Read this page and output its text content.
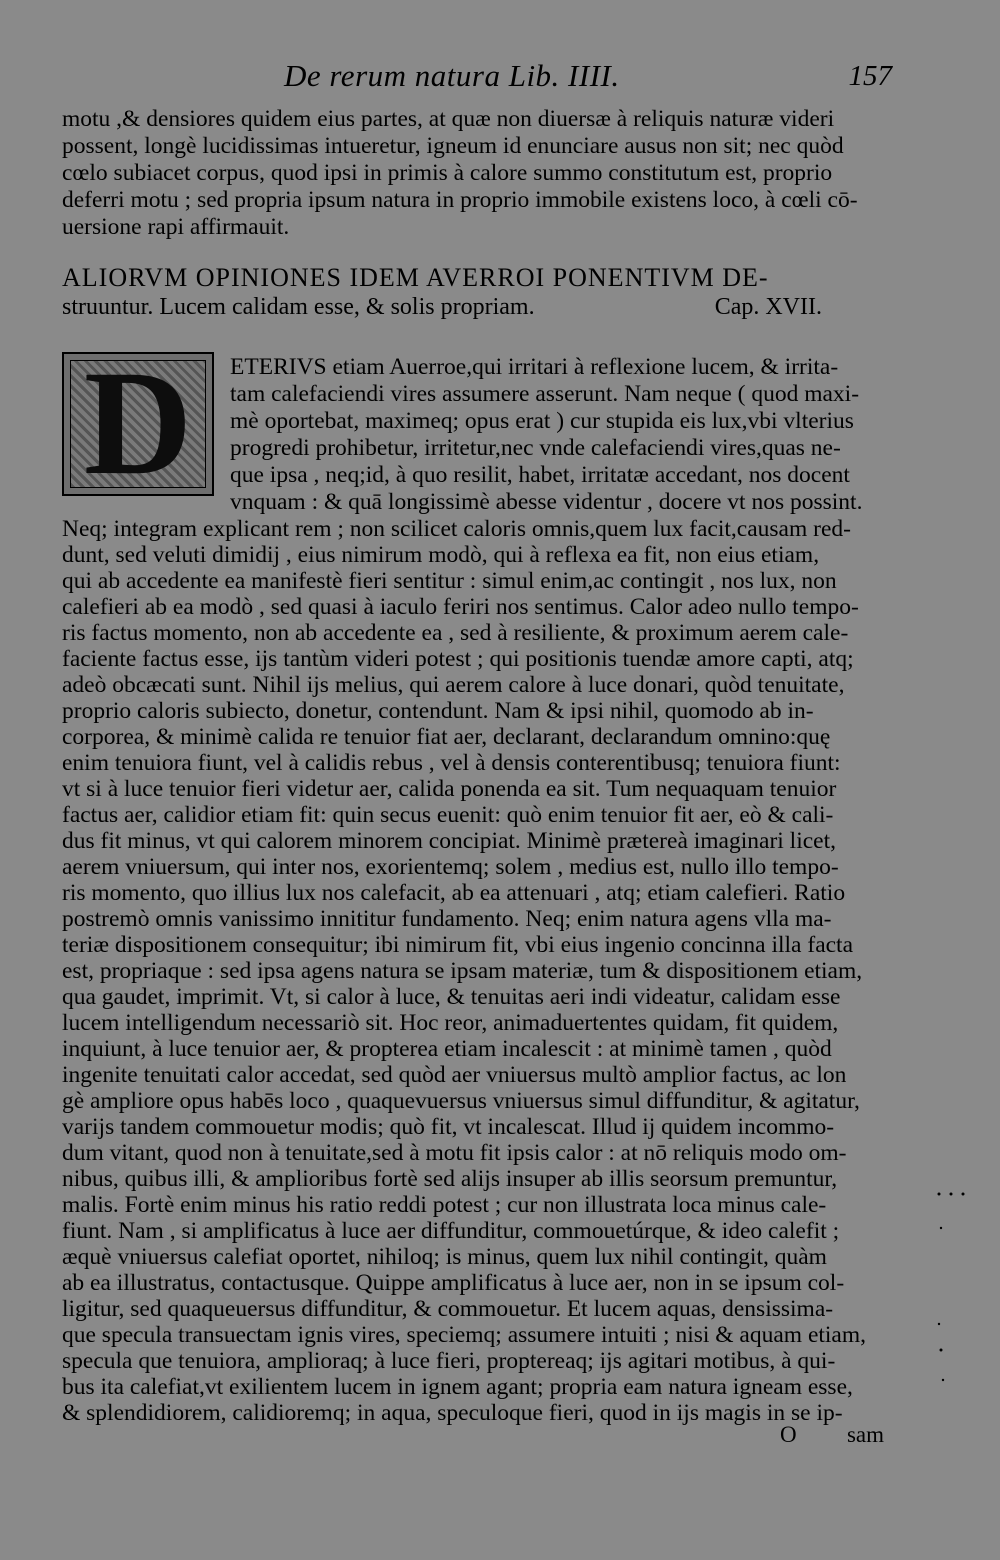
De rerum natura Lib. IIII.	157
motu ,& densiores quidem eius partes, at quæ non diuersæ à reliquis naturæ videri
possent, longè lucidissimas intueretur, igneum id enunciare ausus non sit; nec quòd
cœlo subiacet corpus, quod ipsi in primis à calore summo constitutum est, proprio
deferri motu ; sed propria ipsum natura in proprio immobile existens loco, à cœli cō-
uersione rapi affirmauit.
ALIORVM OPINIONES IDEM AVERROI PONENTIVM DE-
struuntur. Lucem calidam esse, & solis propriam.	Cap. XVII.
D	ETERIVS etiam Auerroe,qui irritari à reflexione lucem, & irrita-
tam calefaciendi vires assumere asserunt. Nam neque ( quod maxi-
mè oportebat, maximeq; opus erat ) cur stupida eis lux,vbi vlterius
progredi prohibetur, irritetur,nec vnde calefaciendi vires,quas ne-
que ipsa , neq;id, à quo resilit, habet, irritatæ accedant, nos docent
vnquam : & quā longissimè abesse videntur , docere vt nos possint.
Neq; integram explicant rem ; non scilicet caloris omnis,quem lux facit,causam red-
dunt, sed veluti dimidij , eius nimirum modò, qui à reflexa ea fit, non eius etiam,
qui ab accedente ea manifestè fieri sentitur : simul enim,ac contingit , nos lux, non
calefieri ab ea modò , sed quasi à iaculo feriri nos sentimus. Calor adeo nullo tempo-
ris factus momento, non ab accedente ea , sed à resiliente, & proximum aerem cale-
faciente factus esse, ijs tantùm videri potest ; qui positionis tuendæ amore capti, atq;
adeò obcæcati sunt. Nihil ijs melius, qui aerem calore à luce donari, quòd tenuitate,
proprio caloris subiecto, donetur, contendunt. Nam & ipsi nihil, quomodo ab in-
corporea, & minimè calida re tenuior fiat aer, declarant, declarandum omnino:quę
enim tenuiora fiunt, vel à calidis rebus , vel à densis conterentibusq; tenuiora fiunt:
vt si à luce tenuior fieri videtur aer, calida ponenda ea sit. Tum nequaquam tenuior
factus aer, calidior etiam fit: quin secus euenit: quò enim tenuior fit aer, eò & cali-
dus fit minus, vt qui calorem minorem concipiat. Minimè prætereà imaginari licet,
aerem vniuersum, qui inter nos, exorientemq; solem , medius est, nullo illo tempo-
ris momento, quo illius lux nos calefacit, ab ea attenuari , atq; etiam calefieri. Ratio
postremò omnis vanissimo innititur fundamento. Neq; enim natura agens vlla ma-
teriæ dispositionem consequitur; ibi nimirum fit, vbi eius ingenio concinna illa facta
est, propriaque : sed ipsa agens natura se ipsam materiæ, tum & dispositionem etiam,
qua gaudet, imprimit. Vt, si calor à luce, & tenuitas aeri indi videatur, calidam esse
lucem intelligendum necessariò sit. Hoc reor, animaduertentes quidam, fit quidem,
inquiunt, à luce tenuior aer, & propterea etiam incalescit : at minimè tamen , quòd
ingenite tenuitati calor accedat, sed quòd aer vniuersus multò amplior factus, ac lon
gè ampliore opus habēs loco , quaquevuersus vniuersus simul diffunditur, & agitatur,
varijs tandem commouetur modis; quò fit, vt incalescat. Illud ij quidem incommo-
dum vitant, quod non à tenuitate,sed à motu fit ipsis calor : at nō reliquis modo om-
nibus, quibus illi, & amplioribus fortè sed alijs insuper ab illis seorsum premuntur,
malis. Fortè enim minus his ratio reddi potest ; cur non illustrata loca minus cale-
fiunt. Nam , si amplificatus à luce aer diffunditur, commouetúrque, & ideo calefit ;
æquè vniuersus calefiat oportet, nihiloq; is minus, quem lux nihil contingit, quàm
ab ea illustratus, contactusque. Quippe amplificatus à luce aer, non in se ipsum col-
ligitur, sed quaqueuersus diffunditur, & commouetur. Et lucem aquas, densissima-
que specula transuectam ignis vires, speciemq; assumere intuiti ; nisi & aquam etiam,
specula que tenuiora, amplioraq; à luce fieri, proptereaq; ijs agitari motibus, à qui-
bus ita calefiat,vt exilientem lucem in ignem agant; propria eam natura igneam esse,
& splendidiorem, calidioremq; in aqua, speculoque fieri, quod in ijs magis in se ip-
O sam
